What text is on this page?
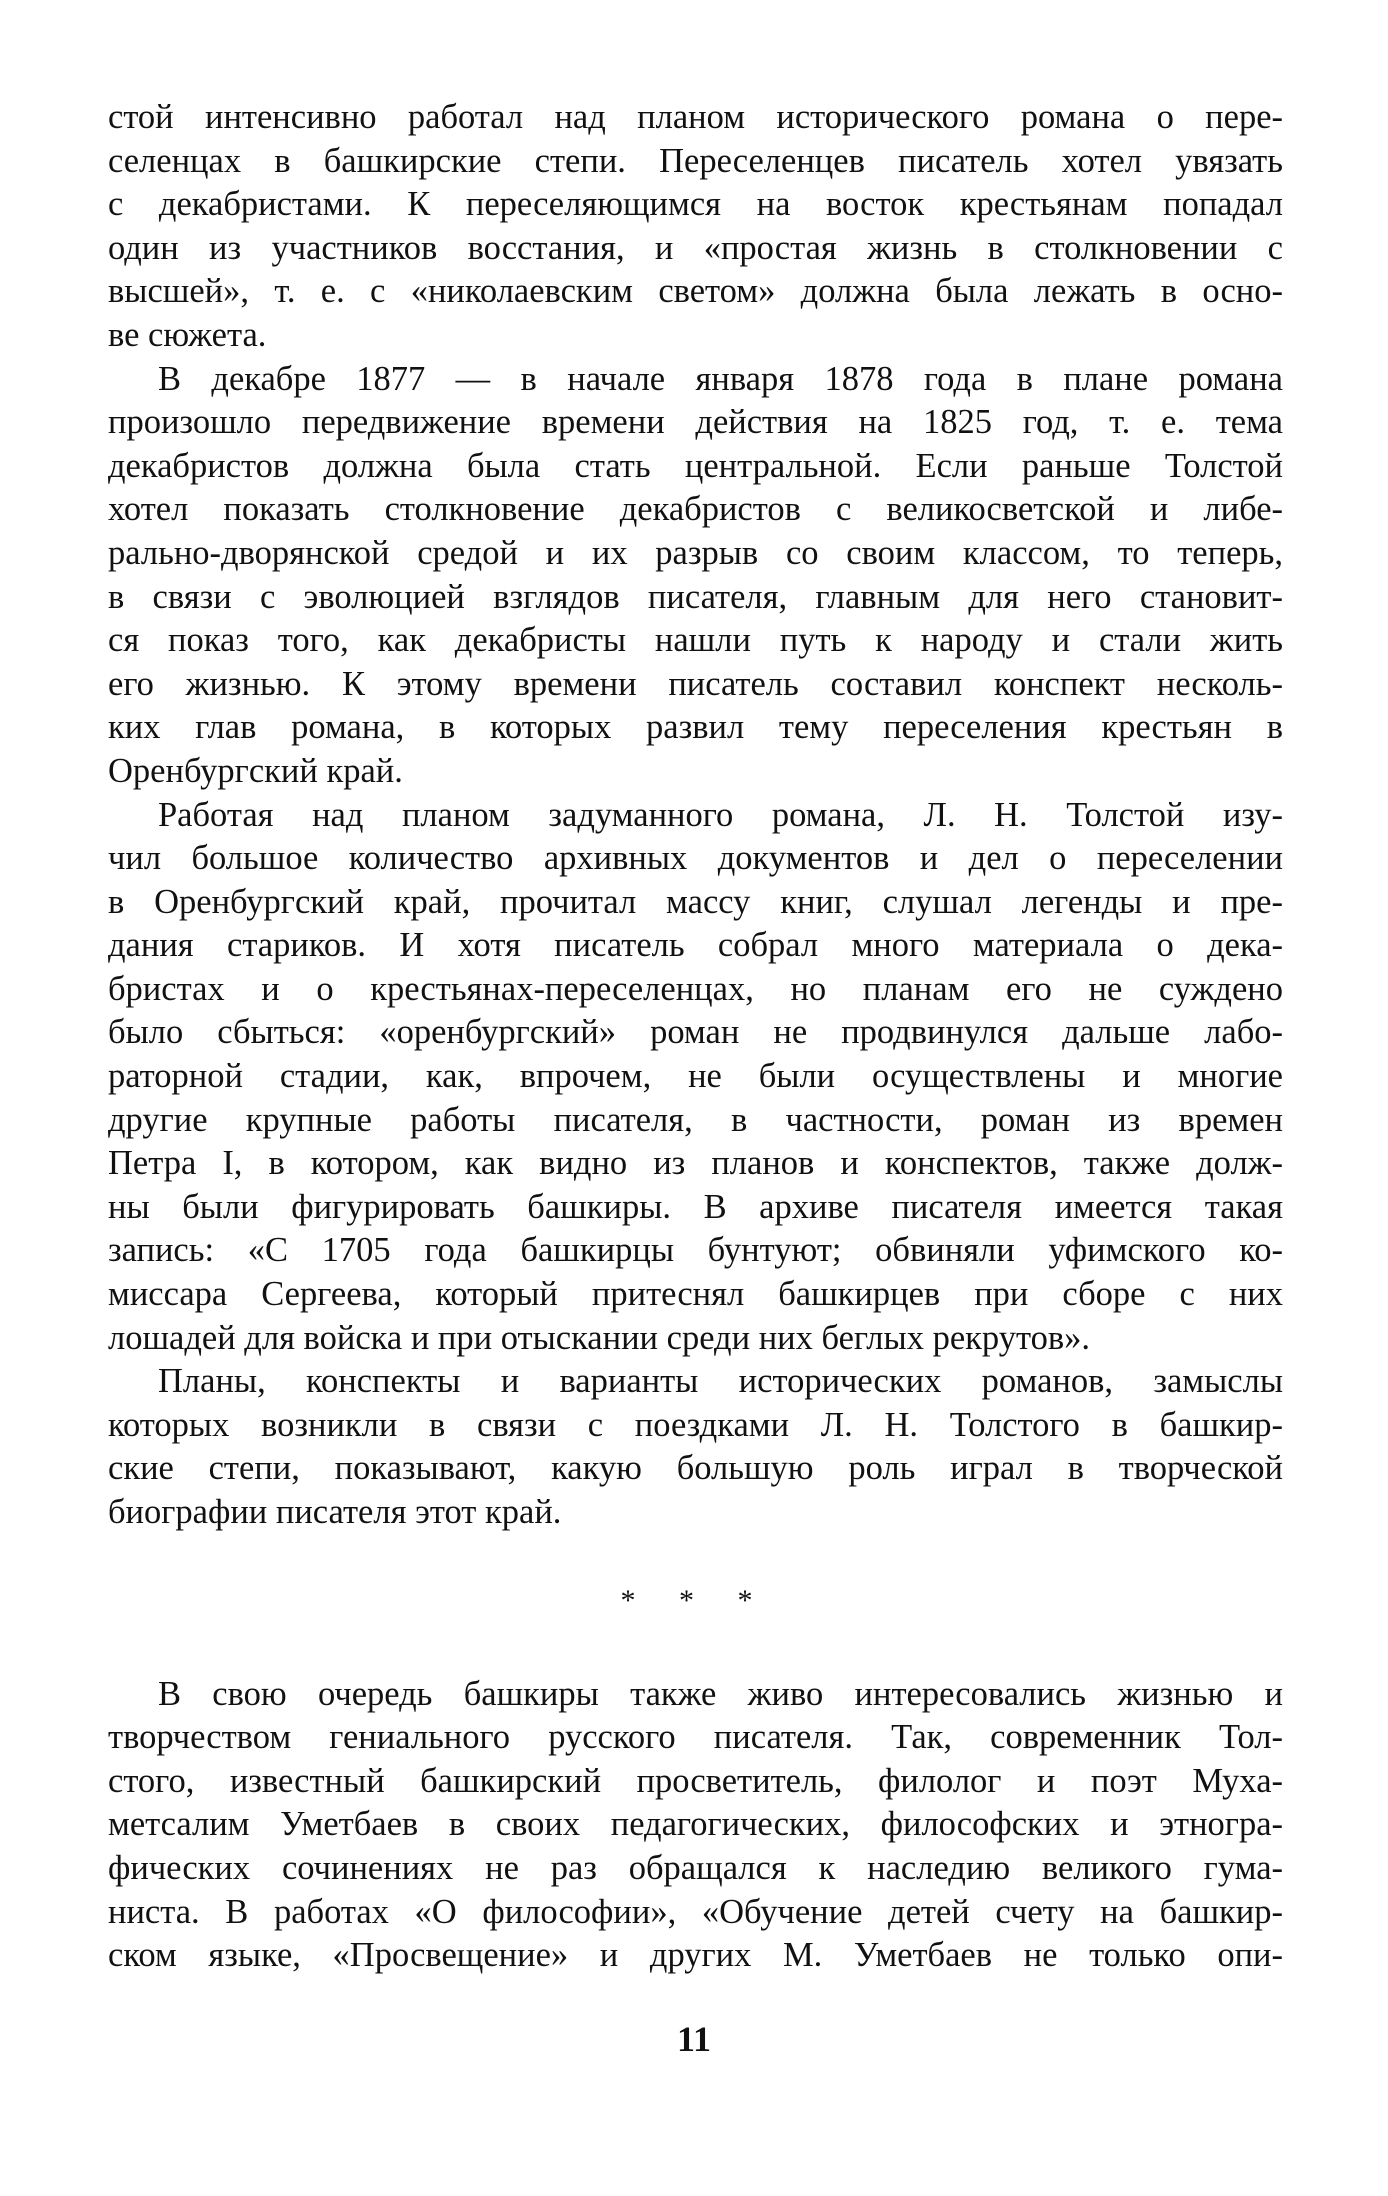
стой интенсивно работал над планом исторического романа о пере-
селенцах в башкирские степи. Переселенцев писатель хотел увязать
с декабристами. К переселяющимся на восток крестьянам попадал
один из участников восстания, и «простая жизнь в столкновении с
высшей», т. е. с «николаевским светом» должна была лежать в осно-
ве сюжета.
В декабре 1877 — в начале января 1878 года в плане романа
произошло передвижение времени действия на 1825 год, т. е. тема
декабристов должна была стать центральной. Если раньше Толстой
хотел показать столкновение декабристов с великосветской и либе-
рально-дворянской средой и их разрыв со своим классом, то теперь,
в связи с эволюцией взглядов писателя, главным для него становит-
ся показ того, как декабристы нашли путь к народу и стали жить
его жизнью. К этому времени писатель составил конспект несколь-
ких глав романа, в которых развил тему переселения крестьян в
Оренбургский край.
Работая над планом задуманного романа, Л. Н. Толстой изу-
чил большое количество архивных документов и дел о переселении
в Оренбургский край, прочитал массу книг, слушал легенды и пре-
дания стариков. И хотя писатель собрал много материала о дека-
бристах и о крестьянах-переселенцах, но планам его не суждено
было сбыться: «оренбургский» роман не продвинулся дальше лабо-
раторной стадии, как, впрочем, не были осуществлены и многие
другие крупные работы писателя, в частности, роман из времен
Петра I, в котором, как видно из планов и конспектов, также долж-
ны были фигурировать башкиры. В архиве писателя имеется такая
запись: «С 1705 года башкирцы бунтуют; обвиняли уфимского ко-
миссара Сергеева, который притеснял башкирцев при сборе с них
лошадей для войска и при отыскании среди них беглых рекрутов».
Планы, конспекты и варианты исторических романов, замыслы
которых возникли в связи с поездками Л. Н. Толстого в башкир-
ские степи, показывают, какую большую роль играл в творческой
биографии писателя этот край.
* * *
В свою очередь башкиры также живо интересовались жизнью и
творчеством гениального русского писателя. Так, современник Тол-
стого, известный башкирский просветитель, филолог и поэт Муха-
метсалим Уметбаев в своих педагогических, философских и этногра-
фических сочинениях не раз обращался к наследию великого гума-
ниста. В работах «О философии», «Обучение детей счету на башкир-
ском языке, «Просвещение» и других М. Уметбаев не только опи-
11
